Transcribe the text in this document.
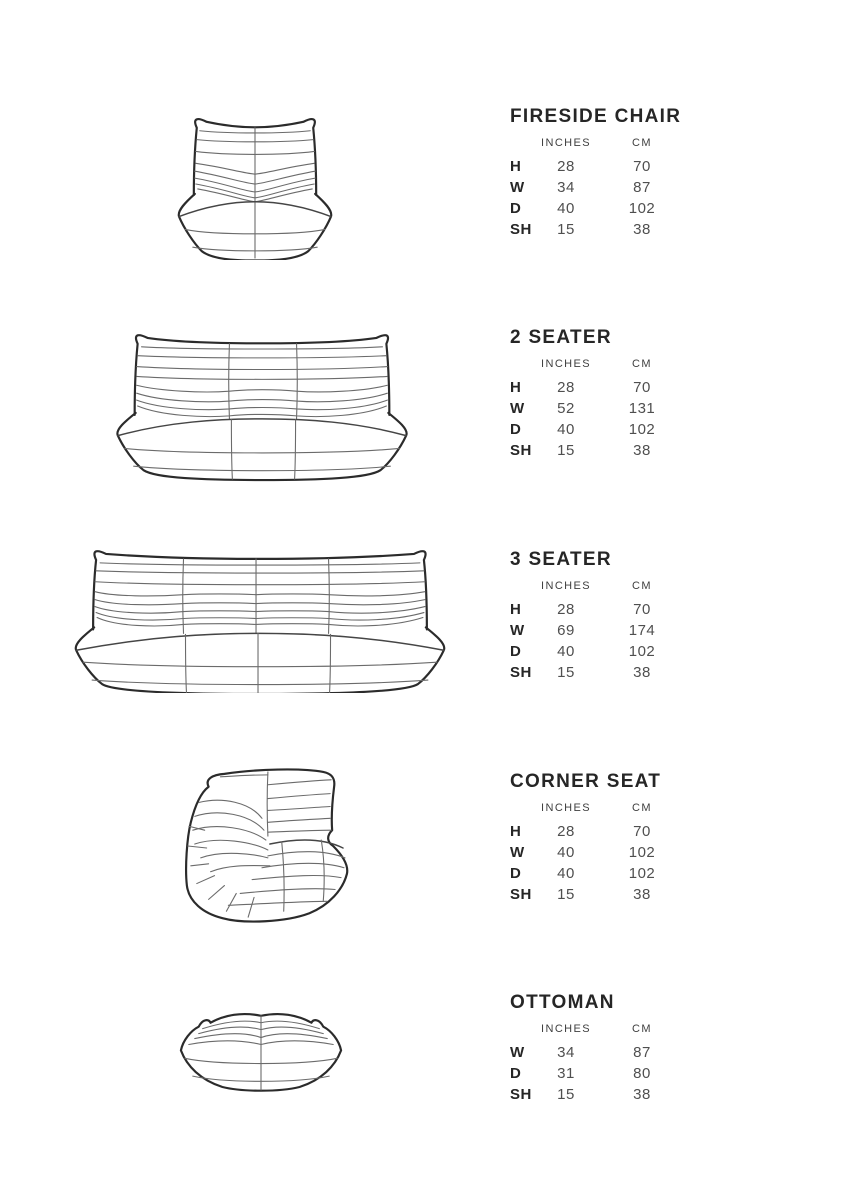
FIRESIDE CHAIR
INCHES	CM
H	28	70
W	34	87
D	40	102
SH	15	38
2 SEATER
INCHES	CM
H	28	70
W	52	131
D	40	102
SH	15	38
3 SEATER
INCHES	CM
H	28	70
W	69	174
D	40	102
SH	15	38
CORNER SEAT
INCHES	CM
H	28	70
W	40	102
D	40	102
SH	15	38
OTTOMAN
INCHES	CM
W	34	87
D	31	80
SH	15	38
